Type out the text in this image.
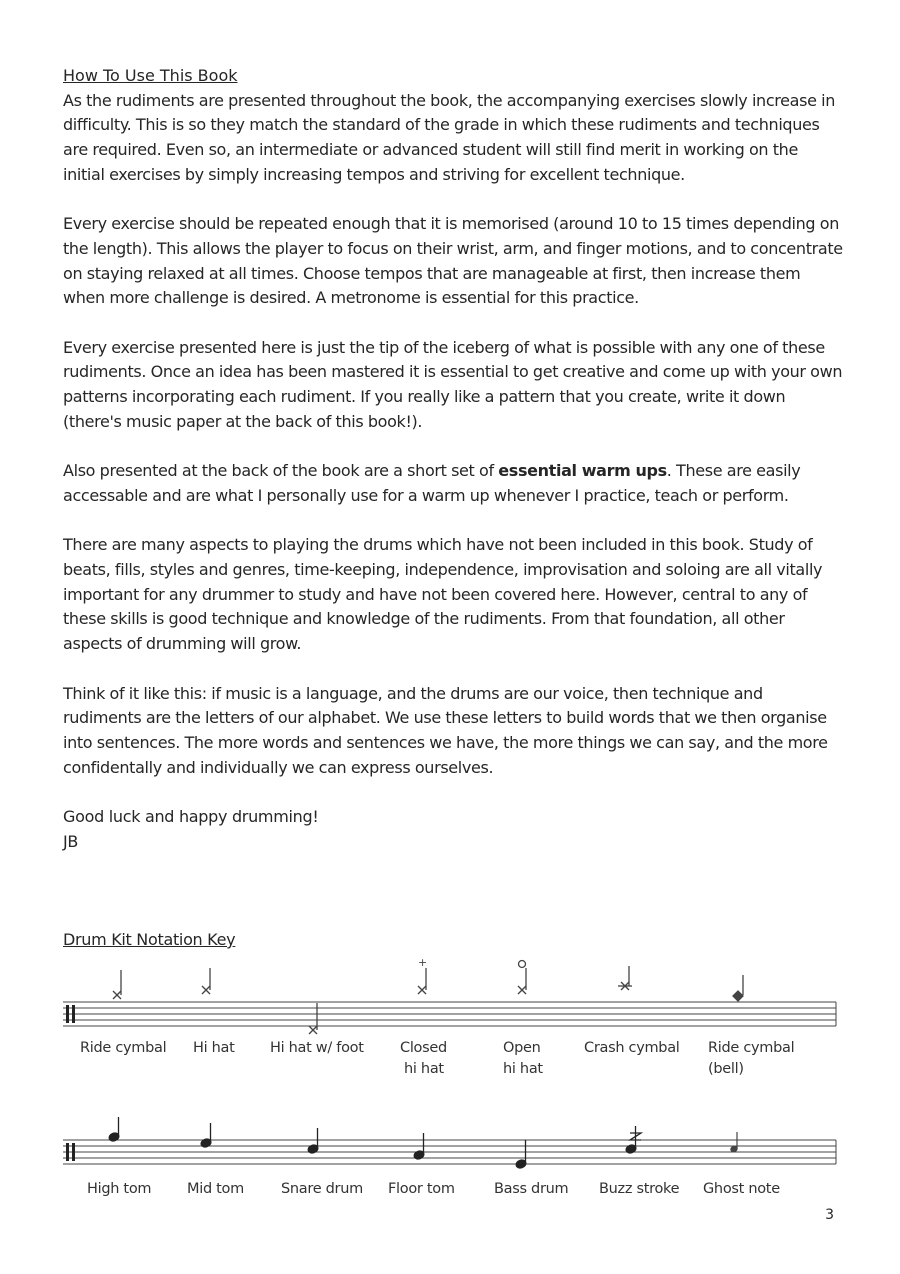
How To Use This Book

As the rudiments are presented throughout the book, the accompanying exercises slowly increase in difficulty. This is so they match the standard of the grade in which these rudiments and techniques are required. Even so, an intermediate or advanced student will still find merit in working on the initial exercises by simply increasing tempos and striving for excellent technique.

Every exercise should be repeated enough that it is memorised (around 10 to 15 times depending on the length). This allows the player to focus on their wrist, arm, and finger motions, and to concentrate on staying relaxed at all times. Choose tempos that are manageable at first, then increase them when more challenge is desired. A metronome is essential for this practice.

Every exercise presented here is just the tip of the iceberg of what is possible with any one of these rudiments. Once an idea has been mastered it is essential to get creative and come up with your own patterns incorporating each rudiment. If you really like a pattern that you create, write it down (there's music paper at the back of this book!).

Also presented at the back of the book are a short set of essential warm ups. These are easily accessable and are what I personally use for a warm up whenever I practice, teach or perform.

There are many aspects to playing the drums which have not been included in this book. Study of beats, fills, styles and genres, time-keeping, independence, improvisation and soloing are all vitally important for any drummer to study and have not been covered here. However, central to any of these skills is good technique and knowledge of the rudiments. From that foundation, all other aspects of drumming will grow.

Think of it like this: if music is a language, and the drums are our voice, then technique and rudiments are the letters of our alphabet. We use these letters to build words that we then organise into sentences. The more words and sentences we have, the more things we can say, and the more confidentally and individually we can express ourselves.

Good luck and happy drumming!

JB

Drum Kit Notation Key
+
Ride cymbal Hi hat Hi hat w/ foot	Closed
hi hat
Open
hi hat
Crash cymbal Ride cymbal
(bell)
High tom Mid tom	Snare drum Floor tom	Bass drum Buzz stroke Ghost note
3
